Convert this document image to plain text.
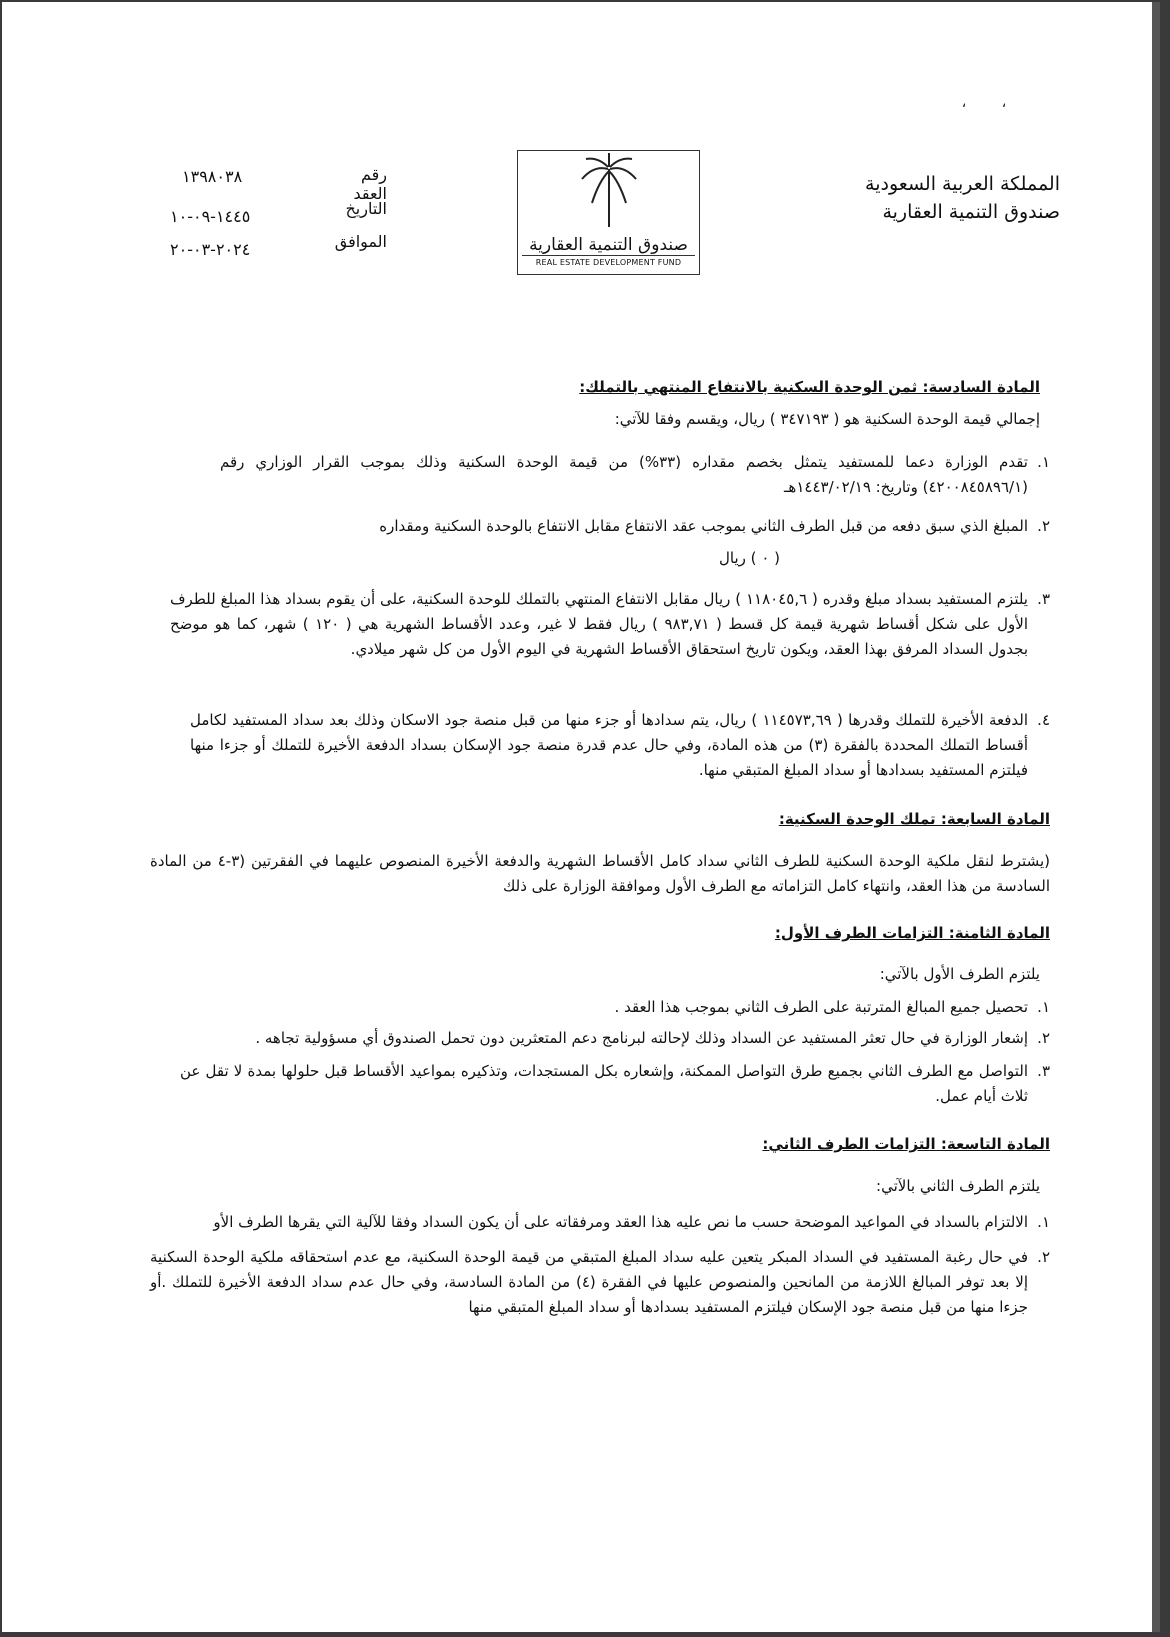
‘        ‘
المملكة العربية السعودية
صندوق التنمية العقارية
صندوق التنمية العقارية
REAL ESTATE DEVELOPMENT FUND
رقم العقد
١٣٩٨٠٣٨
التاريخ
١٤٤٥-٠٩-١٠
الموافق
٢٠٢٤-٠٣-٢٠
المادة السادسة: ثمن الوحدة السكنية بالانتفاع المنتهي بالتملك:
إجمالي قيمة الوحدة السكنية هو ( ٣٤٧١٩٣ ) ريال، ويقسم وفقا للآتي:
١.
تقدم الوزارة دعما للمستفيد يتمثل بخصم مقداره (٣٣%) من قيمة الوحدة السكنية وذلك بموجب القرار الوزاري رقم (٤٢٠٠٨٤٥٨٩٦/١) وتاريخ: ١٤٤٣/٠٢/١٩هـ
٢.
المبلغ الذي سبق دفعه من قبل الطرف الثاني بموجب عقد الانتفاع مقابل الانتفاع بالوحدة السكنية ومقداره
( ٠ ) ريال
٣.
يلتزم المستفيد بسداد مبلغ وقدره ( ١١٨٠٤٥,٦ ) ريال مقابل الانتفاع المنتهي بالتملك للوحدة السكنية، على أن يقوم بسداد هذا المبلغ للطرف الأول على شكل أقساط شهرية قيمة كل قسط ( ٩٨٣,٧١ ) ريال فقط لا غير، وعدد الأقساط الشهرية هي ( ١٢٠ ) شهر، كما هو موضح بجدول السداد المرفق بهذا العقد، ويكون تاريخ استحقاق الأقساط الشهرية في اليوم الأول من كل شهر ميلادي.
٤.
الدفعة الأخيرة للتملك وقدرها ( ١١٤٥٧٣,٦٩ ) ريال، يتم سدادها أو جزء منها من قبل منصة جود الاسكان وذلك بعد سداد المستفيد لكامل أقساط التملك المحددة بالفقرة (٣) من هذه المادة، وفي حال عدم قدرة منصة جود الإسكان بسداد الدفعة الأخيرة للتملك أو جزءا منها فيلتزم المستفيد بسدادها أو سداد المبلغ المتبقي منها.
المادة السابعة: تملك الوحدة السكنية:
(يشترط لنقل ملكية الوحدة السكنية للطرف الثاني سداد كامل الأقساط الشهرية والدفعة الأخيرة المنصوص عليهما في الفقرتين (٣-٤ من المادة السادسة من هذا العقد، وانتهاء كامل التزاماته مع الطرف الأول وموافقة الوزارة على ذلك
المادة الثامنة: التزامات الطرف الأول:
يلتزم الطرف الأول بالآتي:
١.
تحصيل جميع المبالغ المترتبة على الطرف الثاني بموجب هذا العقد .
٢.
إشعار الوزارة في حال تعثر المستفيد عن السداد وذلك لإحالته لبرنامج دعم المتعثرين دون تحمل الصندوق أي مسؤولية تجاهه .
٣.
التواصل مع الطرف الثاني بجميع طرق التواصل الممكنة، وإشعاره بكل المستجدات، وتذكيره بمواعيد الأقساط قبل حلولها بمدة لا تقل عن ثلاث أيام عمل.
المادة التاسعة: التزامات الطرف الثاني:
يلتزم الطرف الثاني بالآتي:
١.
الالتزام بالسداد في المواعيد الموضحة حسب ما نص عليه هذا العقد ومرفقاته على أن يكون السداد وفقا للآلية التي يقرها الطرف الأو
٢.
في حال رغبة المستفيد في السداد المبكر يتعين عليه سداد المبلغ المتبقي من قيمة الوحدة السكنية، مع عدم استحقاقه ملكية الوحدة السكنية إلا بعد توفر المبالغ اللازمة من المانحين والمنصوص عليها في الفقرة (٤) من المادة السادسة، وفي حال عدم سداد الدفعة الأخيرة للتملك .أو جزءا منها من قبل منصة جود الإسكان فيلتزم المستفيد بسدادها أو سداد المبلغ المتبقي منها
